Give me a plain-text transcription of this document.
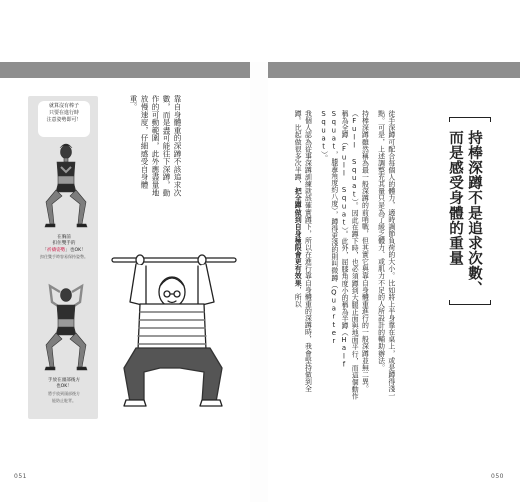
就算沒有棒子
只要在進行時
注意姿勢即可！
在胸前
扣住雙手的
「祈禱姿勢」也OK！
扣住雙手時容易保持姿勢。
手放在頭部後方
也OK！
將手放到頭部後方
能防止駝背。
靠自身體重的深蹲不該追求次數，而是盡可能往下深蹲，動作的可動範圍，此外應盡量地放慢速度，仔細感受自身體重。

徒手深蹲可配合每個人的體力，適時調節負荷的大小。比如將上半身靠在桌上，或是蹲得淺一點。可是，上述調整充其量只是為了緩乏體力、或肌力不足的人所設計的輔助辦法。

持棒深蹲雖然稱為最一般深蹲的前哨戰，但其實它與靠自身體重進行的一般深蹲並無二異。（Full Squat）。因此在蹲下時，也必須蹲到大腿正面與地面平行，而這個動作稱為全蹲（Full Squat）。此外，屈膝角度小的稱為半蹲（Half Squat，膝蓋角度約八度），蹲得更淺的則叫微蹲（Quarter Squat）。

我個人認為從事深蹲訓練就該確實蹲下，所以在進行靠自身體重的深蹲時，我會堅持做到全蹲。比起做很多次半蹲，把全蹲做到自身極限會更有效果，所以

持棒深蹲不是追求次數、
而是感受身體的重量
051	050
